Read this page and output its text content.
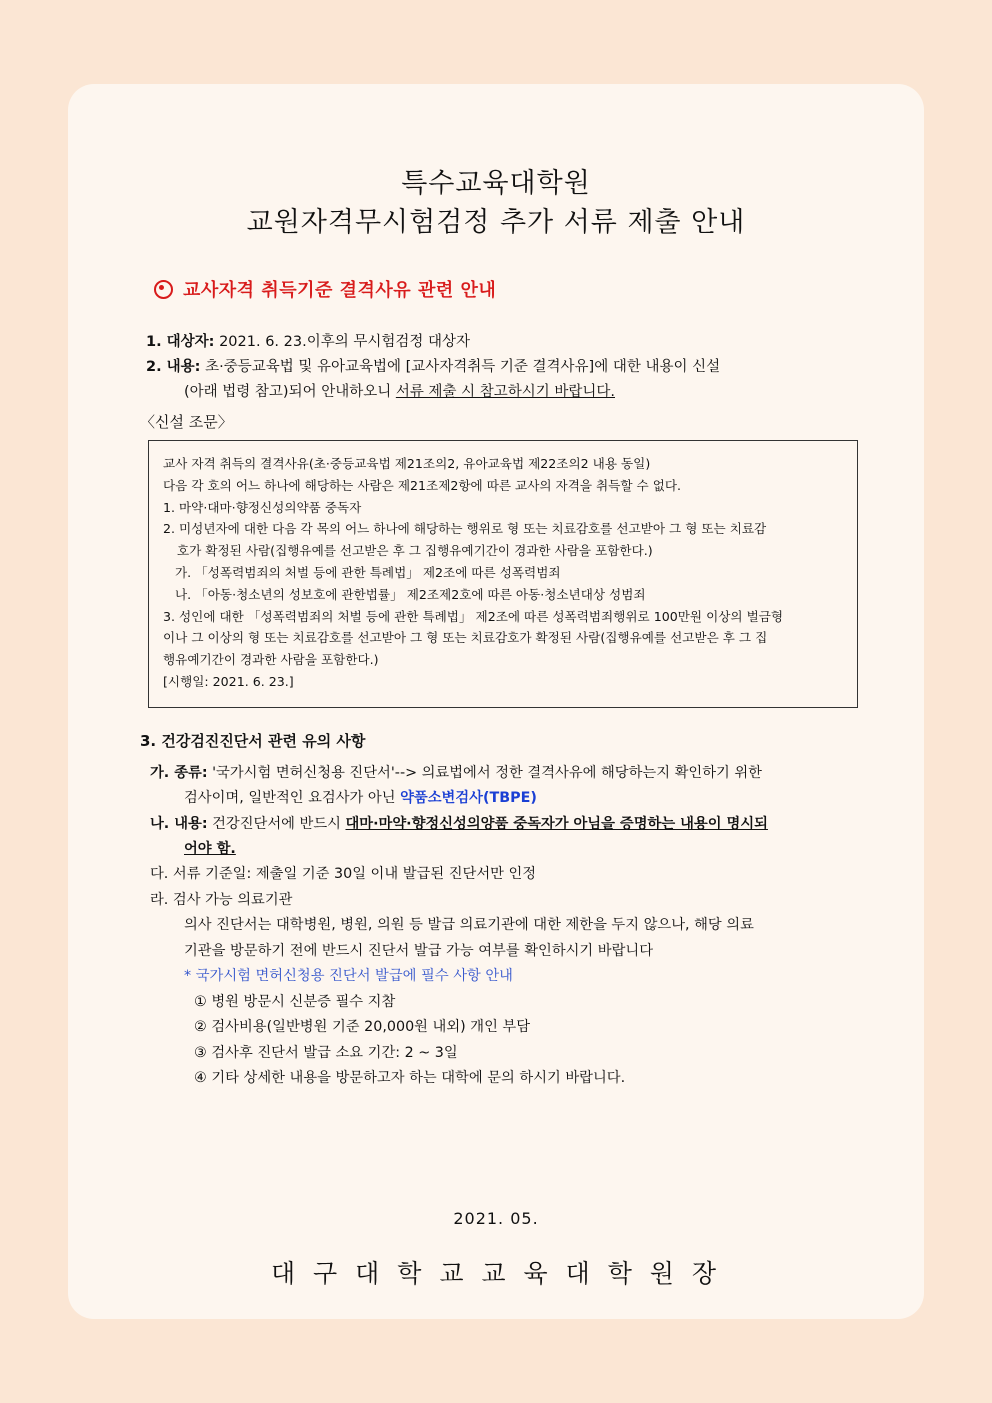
특수교육대학원
교원자격무시험검정 추가 서류 제출 안내
교사자격 취득기준 결격사유 관련 안내
1. 대상자: 2021. 6. 23.이후의 무시험검정 대상자
2. 내용: 초·중등교육법 및 유아교육법에 [교사자격취득 기준 결격사유]에 대한 내용이 신설
(아래 법령 참고)되어 안내하오니 서류 제출 시 참고하시기 바랍니다.
〈신설 조문〉
교사 자격 취득의 결격사유(초·중등교육법 제21조의2, 유아교육법 제22조의2 내용 동일)
다음 각 호의 어느 하나에 해당하는 사람은 제21조제2항에 따른 교사의 자격을 취득할 수 없다.
1. 마약·대마·향정신성의약품 중독자
2. 미성년자에 대한 다음 각 목의 어느 하나에 해당하는 행위로 형 또는 치료감호를 선고받아 그 형 또는 치료감
호가 확정된 사람(집행유예를 선고받은 후 그 집행유예기간이 경과한 사람을 포함한다.)
가. 「성폭력범죄의 처벌 등에 관한 특례법」 제2조에 따른 성폭력범죄
나. 「아동·청소년의 성보호에 관한법률」 제2조제2호에 따른 아동·청소년대상 성범죄
3. 성인에 대한 「성폭력범죄의 처벌 등에 관한 특례법」 제2조에 따른 성폭력범죄행위로 100만원 이상의 벌금형
이나 그 이상의 형 또는 치료감호를 선고받아 그 형 또는 치료감호가 확정된 사람(집행유예를 선고받은 후 그 집
행유예기간이 경과한 사람을 포함한다.)
[시행일: 2021. 6. 23.]
3. 건강검진진단서 관련 유의 사항
가. 종류: '국가시험 면허신청용 진단서'--> 의료법에서 정한 결격사유에 해당하는지 확인하기 위한
검사이며, 일반적인 요검사가 아닌 약품소변검사(TBPE)
나. 내용: 건강진단서에 반드시 대마·마약·향정신성의양품 중독자가 아님을 증명하는 내용이 명시되
어야 함.
다. 서류 기준일: 제출일 기준 30일 이내 발급된 진단서만 인정
라. 검사 가능 의료기관
의사 진단서는 대학병원, 병원, 의원 등 발급 의료기관에 대한 제한을 두지 않으나, 해당 의료
기관을 방문하기 전에 반드시 진단서 발급 가능 여부를 확인하시기 바랍니다
* 국가시험 면허신청용 진단서 발급에 필수 사항 안내
① 병원 방문시 신분증 필수 지참
② 검사비용(일반병원 기준 20,000원 내외) 개인 부담
③ 검사후 진단서 발급 소요 기간: 2 ~ 3일
④ 기타 상세한 내용을 방문하고자 하는 대학에 문의 하시기 바랍니다.
2021. 05.
대 구 대 학 교 교 육 대 학 원 장
